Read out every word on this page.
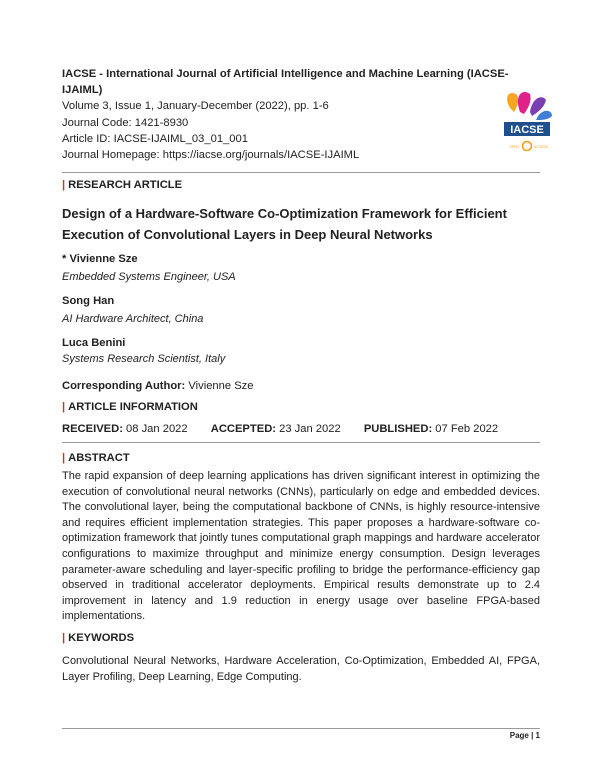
IACSE - International Journal of Artificial Intelligence and Machine Learning (IACSE-IJAIML)
Volume 3, Issue 1, January-December (2022), pp. 1-6
Journal Code: 1421-8930
Article ID: IACSE-IJAIML_03_01_001
Journal Homepage: https://iacse.org/journals/IACSE-IJAIML
IACSE
OPEN	ACCESS
| RESEARCH ARTICLE
Design of a Hardware-Software Co-Optimization Framework for Efficient Execution of Convolutional Layers in Deep Neural Networks
* Vivienne Sze
Embedded Systems Engineer, USA
Song Han
AI Hardware Architect, China
Luca Benini
Systems Research Scientist, Italy
Corresponding Author: Vivienne Sze
| ARTICLE INFORMATION
RECEIVED: 08 Jan 2022 ACCEPTED: 23 Jan 2022 PUBLISHED: 07 Feb 2022
| ABSTRACT
The rapid expansion of deep learning applications has driven significant interest in optimizing the execution of convolutional neural networks (CNNs), particularly on edge and embedded devices. The convolutional layer, being the computational backbone of CNNs, is highly resource-intensive and requires efficient implementation strategies. This paper proposes a hardware-software co-optimization framework that jointly tunes computational graph mappings and hardware accelerator configurations to maximize throughput and minimize energy consumption. Design leverages parameter-aware scheduling and layer-specific profiling to bridge the performance-efficiency gap observed in traditional accelerator deployments. Empirical results demonstrate up to 2.4 improvement in latency and 1.9 reduction in energy usage over baseline FPGA-based implementations.
| KEYWORDS
Convolutional Neural Networks, Hardware Acceleration, Co-Optimization, Embedded AI, FPGA, Layer Profiling, Deep Learning, Edge Computing.
Page | 1
